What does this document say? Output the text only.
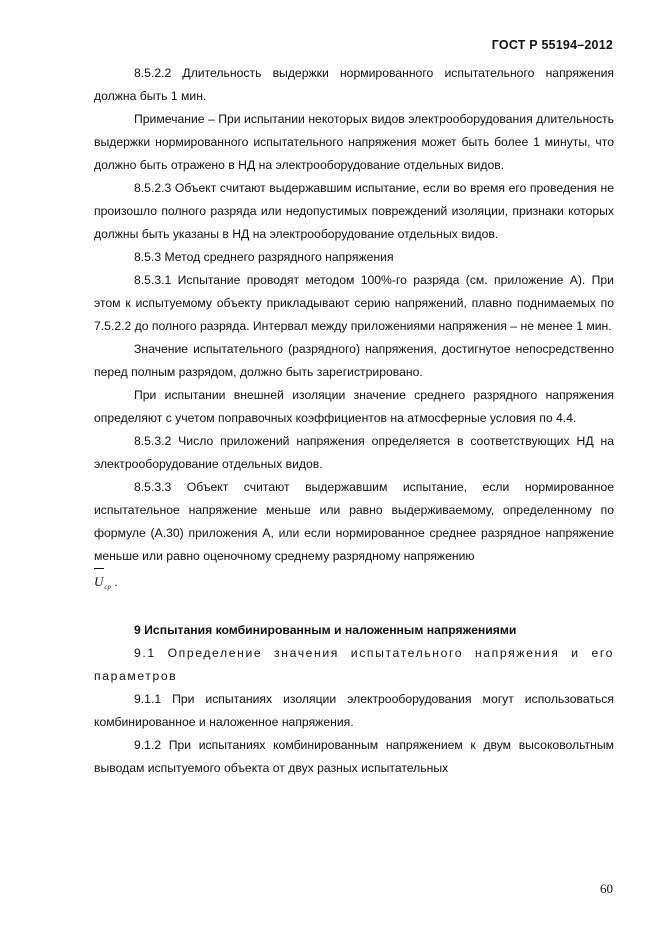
ГОСТ Р 55194–2012

8.5.2.2 Длительность выдержки нормированного испытательного напряжения должна быть 1 мин.

Примечание – При испытании некоторых видов электрооборудования длительность выдержки нормированного испытательного напряжения может быть более 1 минуты, что должно быть отражено в НД на электрооборудование отдельных видов.

8.5.2.3 Объект считают выдержавшим испытание, если во время его проведения не произошло полного разряда или недопустимых повреждений изоляции, признаки которых должны быть указаны в НД на электрооборудование отдельных видов.

8.5.3 Метод среднего разрядного напряжения

8.5.3.1 Испытание проводят методом 100%-го разряда (см. приложение А). При этом к испытуемому объекту прикладывают серию напряжений, плавно поднимаемых по 7.5.2.2 до полного разряда. Интервал между приложениями напряжения – не менее 1 мин.

Значение испытательного (разрядного) напряжения, достигнутое непосредственно перед полным разрядом, должно быть зарегистрировано.

При испытании внешней изоляции значение среднего разрядного напряжения определяют с учетом поправочных коэффициентов на атмосферные условия по 4.4.

8.5.3.2 Число приложений напряжения определяется в соответствующих НД на электрооборудование отдельных видов.

8.5.3.3 Объект считают выдержавшим испытание, если нормированное испытательное напряжение меньше или равно выдерживаемому, определенному по формуле (А.30) приложения А, или если нормированное среднее разрядное напряжение меньше или равно оценочному среднему разрядному напряжению

$U_{ср}$ .

9 Испытания комбинированным и наложенным напряжениями

9.1 Определение значения испытательного напряжения и его параметров

9.1.1 При испытаниях изоляции электрооборудования могут использоваться комбинированное и наложенное напряжения.

9.1.2 При испытаниях комбинированным напряжением к двум высоковольтным выводам испытуемого объекта от двух разных испытательных

60
